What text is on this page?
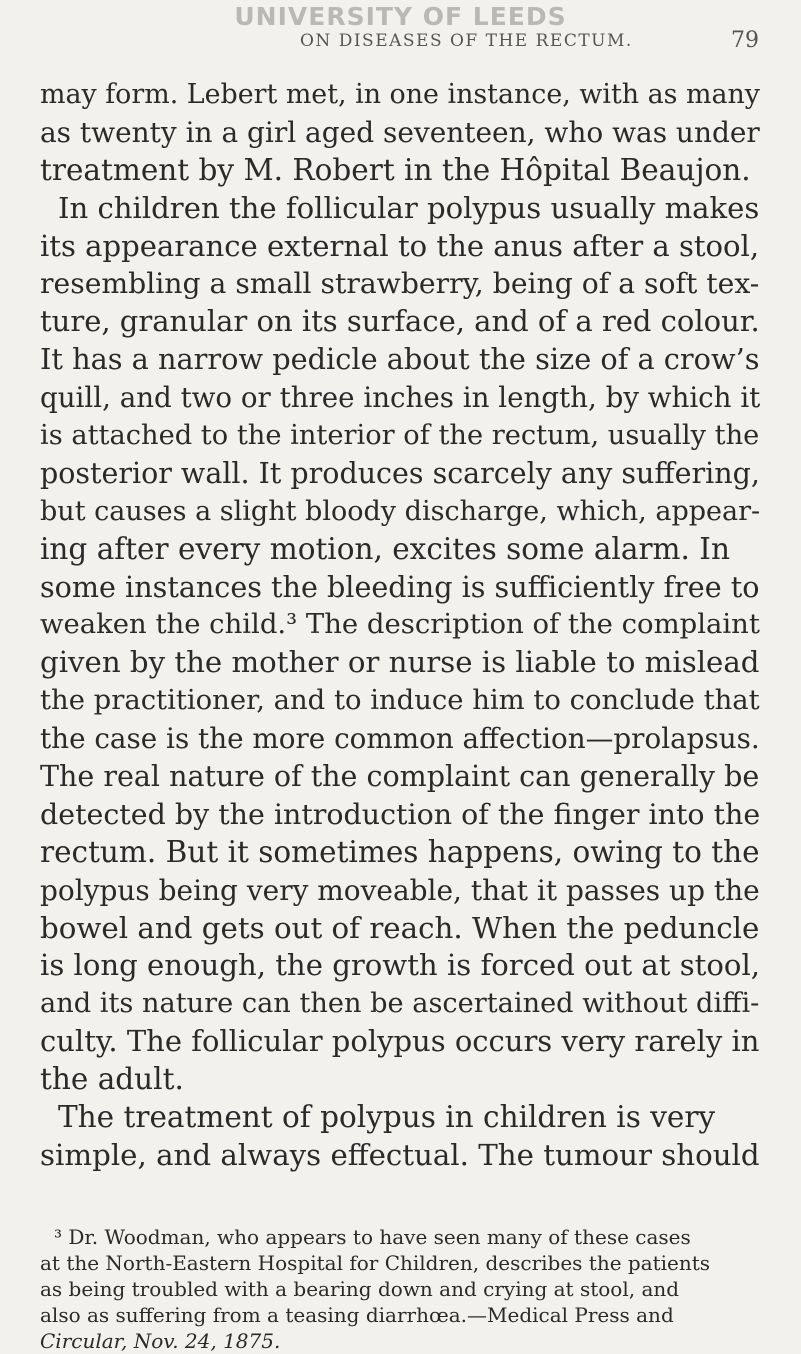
UNIVERSITY OF LEEDS
ON DISEASES OF THE RECTUM.	79
may form. Lebert met, in one instance, with as many
as twenty in a girl aged seventeen, who was under
treatment by M. Robert in the Hôpital Beaujon.
In children the follicular polypus usually makes
its appearance external to the anus after a stool,
resembling a small strawberry, being of a soft tex-
ture, granular on its surface, and of a red colour.
It has a narrow pedicle about the size of a crow’s
quill, and two or three inches in length, by which it
is attached to the interior of the rectum, usually the
posterior wall. It produces scarcely any suffering,
but causes a slight bloody discharge, which, appear-
ing after every motion, excites some alarm. In
some instances the bleeding is sufficiently free to
weaken the child.³ The description of the complaint
given by the mother or nurse is liable to mislead
the practitioner, and to induce him to conclude that
the case is the more common affection—prolapsus.
The real nature of the complaint can generally be
detected by the introduction of the finger into the
rectum. But it sometimes happens, owing to the
polypus being very moveable, that it passes up the
bowel and gets out of reach. When the peduncle
is long enough, the growth is forced out at stool,
and its nature can then be ascertained without diffi-
culty. The follicular polypus occurs very rarely in
the adult.
The treatment of polypus in children is very
simple, and always effectual. The tumour should
³ Dr. Woodman, who appears to have seen many of these cases
at the North-Eastern Hospital for Children, describes the patients
as being troubled with a bearing down and crying at stool, and
also as suffering from a teasing diarrhœa.—Medical Press and
Circular, Nov. 24, 1875.
